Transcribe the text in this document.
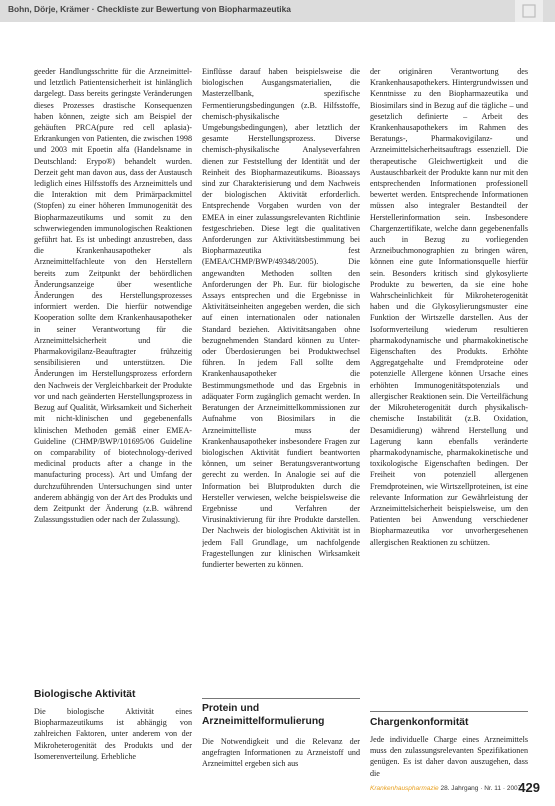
Bohn, Dörje, Krämer · Checkliste zur Bewertung von Biopharmazeutika

geeder Handlungsschritte für die Arzneimittel- und letztlich Patientensicherheit ist hinlänglich dargelegt. Dass bereits geringste Veränderungen dieses Prozesses drastische Konsequenzen haben können, zeigte sich am Beispiel der gehäuften PRCA(pure red cell aplasia)-Erkrankungen von Patienten, die zwischen 1998 und 2003 mit Epoetin alfa (Handelsname in Deutschland: Erypo®) behandelt wurden. Derzeit geht man davon aus, dass der Austausch lediglich eines Hilfsstoffs des Arzneimittels und die Interaktion mit dem Primärpackmittel (Stopfen) zu einer höheren Immunogenität des Biopharmazeutikums und somit zu den schwerwiegenden immunologischen Reaktionen geführt hat. Es ist unbedingt anzustreben, dass die Krankenhausapotheker als Arzneimittelfachleute von den Herstellern bereits zum Zeitpunkt der behördlichen Änderungsanzeige über wesentliche Änderungen des Herstellungsprozesses informiert werden. Die hierfür notwendige Kooperation sollte dem Krankenhausapotheker in seiner Verantwortung für die Arzneimittelsicherheit und die Pharmakovigilanz-Beauftragter frühzeitig sensibilisieren und unterstützen. Die Änderungen im Herstellungsprozess erfordern den Nachweis der Vergleichbarkeit der Produkte vor und nach geänderten Herstellungsprozess in Bezug auf Qualität, Wirksamkeit und Sicherheit mit nicht-klinischen und gegebenenfalls klinischen Methoden gemäß einer EMEA-Guideline (CHMP/BWP/101695/06 Guideline on comparability of biotechnology-derived medicinal products after a change in the manufacturing process). Art und Umfang der durchzuführenden Untersuchungen sind unter anderem abhängig von der Art des Produkts und dem Zeitpunkt der Änderung (z.B. während Zulassungsstudien oder nach der Zulassung).

Biologische Aktivität
Die biologische Aktivität eines Biopharmazeutikums ist abhängig von zahlreichen Faktoren, unter anderem von der Mikroheterogenität des Produkts und der Isomerenverteilung. Erhebliche

Einflüsse darauf haben beispielsweise die biologischen Ausgangsmaterialien, die Masterzellbank, spezifische Fermentierungsbedingungen (z.B. Hilfsstoffe, chemisch-physikalische Umgebungsbedingungen), aber letztlich der gesamte Herstellungsprozess. Diverse chemisch-physikalische Analyseverfahren dienen zur Feststellung der Identität und der Reinheit des Biopharmazeutikums. Bioassays sind zur Charakterisierung und dem Nachweis der biologischen Aktivität erforderlich. Entsprechende Vorgaben wurden von der EMEA in einer zulassungsrelevanten Richtlinie festgeschrieben. Diese legt die qualitativen Anforderungen zur Aktivitätsbestimmung bei Biopharmazeutika fest (EMEA/CHMP/BWP/49348/2005). Die angewandten Methoden sollten den Anforderungen der Ph. Eur. für biologische Assays entsprechen und die Ergebnisse in Aktivitätseinheiten angegeben werden, die sich auf einen internationalen oder nationalen Standard beziehen. Aktivitätsangaben ohne bezugnehmenden Standard können zu Unter- oder Überdosierungen bei Produktwechsel führen. In jedem Fall sollte dem Krankenhausapotheker die Bestimmungsmethode und das Ergebnis in adäquater Form zugänglich gemacht werden. In Beratungen der Arzneimittelkommissionen zur Aufnahme von Biosimilars in die Arzneimittelliste muss der Krankenhausapotheker insbesondere Fragen zur biologischen Aktivität fundiert beantworten können, um seiner Beratungsverantwortung gerecht zu werden. In Analogie sei auf die Information bei Blutprodukten durch die Hersteller verwiesen, welche beispielsweise die Ergebnisse und Verfahren der Virusinaktivierung für ihre Produkte darstellen. Der Nachweis der biologischen Aktivität ist in jedem Fall Grundlage, um nachfolgende Fragestellungen zur klinischen Wirksamkeit fundierter bewerten zu können.

Protein und Arzneimittelformulierung
Die Notwendigkeit und die Relevanz der angefragten Informationen zu Arzneistoff und Arzneimittel ergeben sich aus

der originären Verantwortung des Krankenhausapothekers. Hintergrundwissen und Kenntnisse zu den Biopharmazeutika und Biosimilars sind in Bezug auf die tägliche – und gesetzlich definierte – Arbeit des Krankenhausapothekers im Rahmen des Beratungs-, Pharmakovigilanz- und Arzneimittelsicherheitsauftrags essenziell. Die therapeutische Gleichwertigkeit und die Austauschbarkeit der Produkte kann nur mit den entsprechenden Informationen professionell bewertet werden. Entsprechende Informationen müssen also integraler Bestandteil der Herstellerinformation sein. Insbesondere Chargenzertifikate, welche dann gegebenenfalls auch in Bezug zu vorliegenden Arzneibuchmonographien zu bringen wären, können eine gute Informationsquelle hierfür sein. Besonders kritisch sind glykosylierte Produkte zu bewerten, da sie eine hohe Wahrscheinlichkeit für Mikroheterogenität haben und die Glykosylierungsmuster eine Funktion der Wirtszelle darstellen. Aus der Isoformverteilung wiederum resultieren pharmakodynamische und pharmakokinetische Eigenschaften des Produkts. Erhöhte Aggregatgehalte und Fremdproteine oder potenzielle Allergene können Ursache eines erhöhten Immunogenitätspotenzials und allergischer Reaktionen sein. Die Verteilfächung der Mikroheterogenität durch physikalisch-chemische Instabilität (z.B. Oxidation, Desamidierung) während Herstellung und Lagerung kann ebenfalls veränderte pharmakodynamische, pharmakokinetische und toxikologische Eigenschaften bedingen. Der Freiheit von potenziell allergenen Fremdproteinen, wie Wirtszellproteinen, ist eine relevante Information zur Gewährleistung der Arzneimittelsicherheit beispielsweise, um den Patienten bei Anwendung verschiedener Biopharmazeutika vor unvorhergesehenen allergischen Reaktionen zu schützen.

Chargenkonformität
Jede individuelle Charge eines Arzneimittels muss den zulassungsrelevanten Spezifikationen genügen. Es ist daher davon auszugehen, dass die
Krankenhauspharmazie 28. Jahrgang · Nr. 11 · 2007
429
